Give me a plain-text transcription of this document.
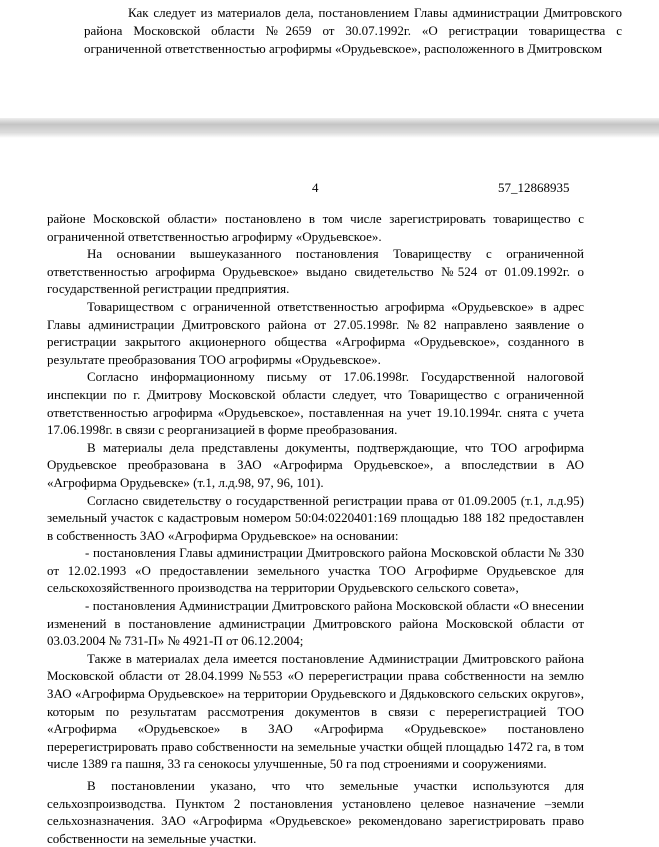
Как следует из материалов дела, постановлением Главы администрации Дмитровского района Московской области №2659 от 30.07.1992г. «О регистрации товарищества с ограниченной ответственностью агрофирмы «Орудьевское», расположенного в Дмитровском
4	57_12868935

районе Московской области» постановлено в том числе зарегистрировать товарищество с ограниченной ответственностью агрофирму «Орудьевское».

На основании вышеуказанного постановления Товариществу с ограниченной ответственностью агрофирма Орудьевское» выдано свидетельство №524 от 01.09.1992г. о государственной регистрации предприятия.

Товариществом с ограниченной ответственностью агрофирма «Орудьевское» в адрес Главы администрации Дмитровского района от 27.05.1998г. №82 направлено заявление о регистрации закрытого акционерного общества «Агрофирма «Орудьевское», созданного в результате преобразования ТОО агрофирмы «Орудьевское».

Согласно информационному письму от 17.06.1998г. Государственной налоговой инспекции по г. Дмитрову Московской области следует, что Товарищество с ограниченной ответственностью агрофирма «Орудьевское», поставленная на учет 19.10.1994г. снята с учета 17.06.1998г. в связи с реорганизацией в форме преобразования.

В материалы дела представлены документы, подтверждающие, что ТОО агрофирма Орудьевское преобразована в ЗАО «Агрофирма Орудьевское», а впоследствии в АО «Агрофирма Орудьевске» (т.1, л.д.98, 97, 96, 101).

Согласно свидетельству о государственной регистрации права от 01.09.2005 (т.1, л.д.95) земельный участок с кадастровым номером 50:04:0220401:169 площадью 188 182 предоставлен в собственность ЗАО «Агрофирма Орудьевское» на основании:

- постановления Главы администрации Дмитровского района Московской области № 330 от 12.02.1993 «О предоставлении земельного участка ТОО Агрофирме Орудьевское для сельскохозяйственного производства на территории Орудьевского сельского совета»,

- постановления Администрации Дмитровского района Московской области «О внесении изменений в постановление администрации Дмитровского района Московской области от 03.03.2004 № 731-П» № 4921-П от 06.12.2004;

Также в материалах дела имеется постановление Администрации Дмитровского района Московской области от 28.04.1999 №553 «О перерегистрации права собственности на землю ЗАО «Агрофирма Орудьевское» на территории Орудьевского и Дядьковского сельских округов», которым по результатам рассмотрения документов в связи с перерегистрацией ТОО «Агрофирма «Орудьевское» в ЗАО «Агрофирма «Орудьевское» постановлено перерегистрировать право собственности на земельные участки общей площадью 1472 га, в том числе 1389 га пашня, 33 га сенокосы улучшенные, 50 га под строениями и сооружениями.

В постановлении указано, что что земельные участки используются для сельхозпроизводства. Пунктом 2 постановления установлено целевое назначение –земли сельхозназначения. ЗАО «Агрофирма «Орудьевское» рекомендовано зарегистрировать право собственности на земельные участки.
